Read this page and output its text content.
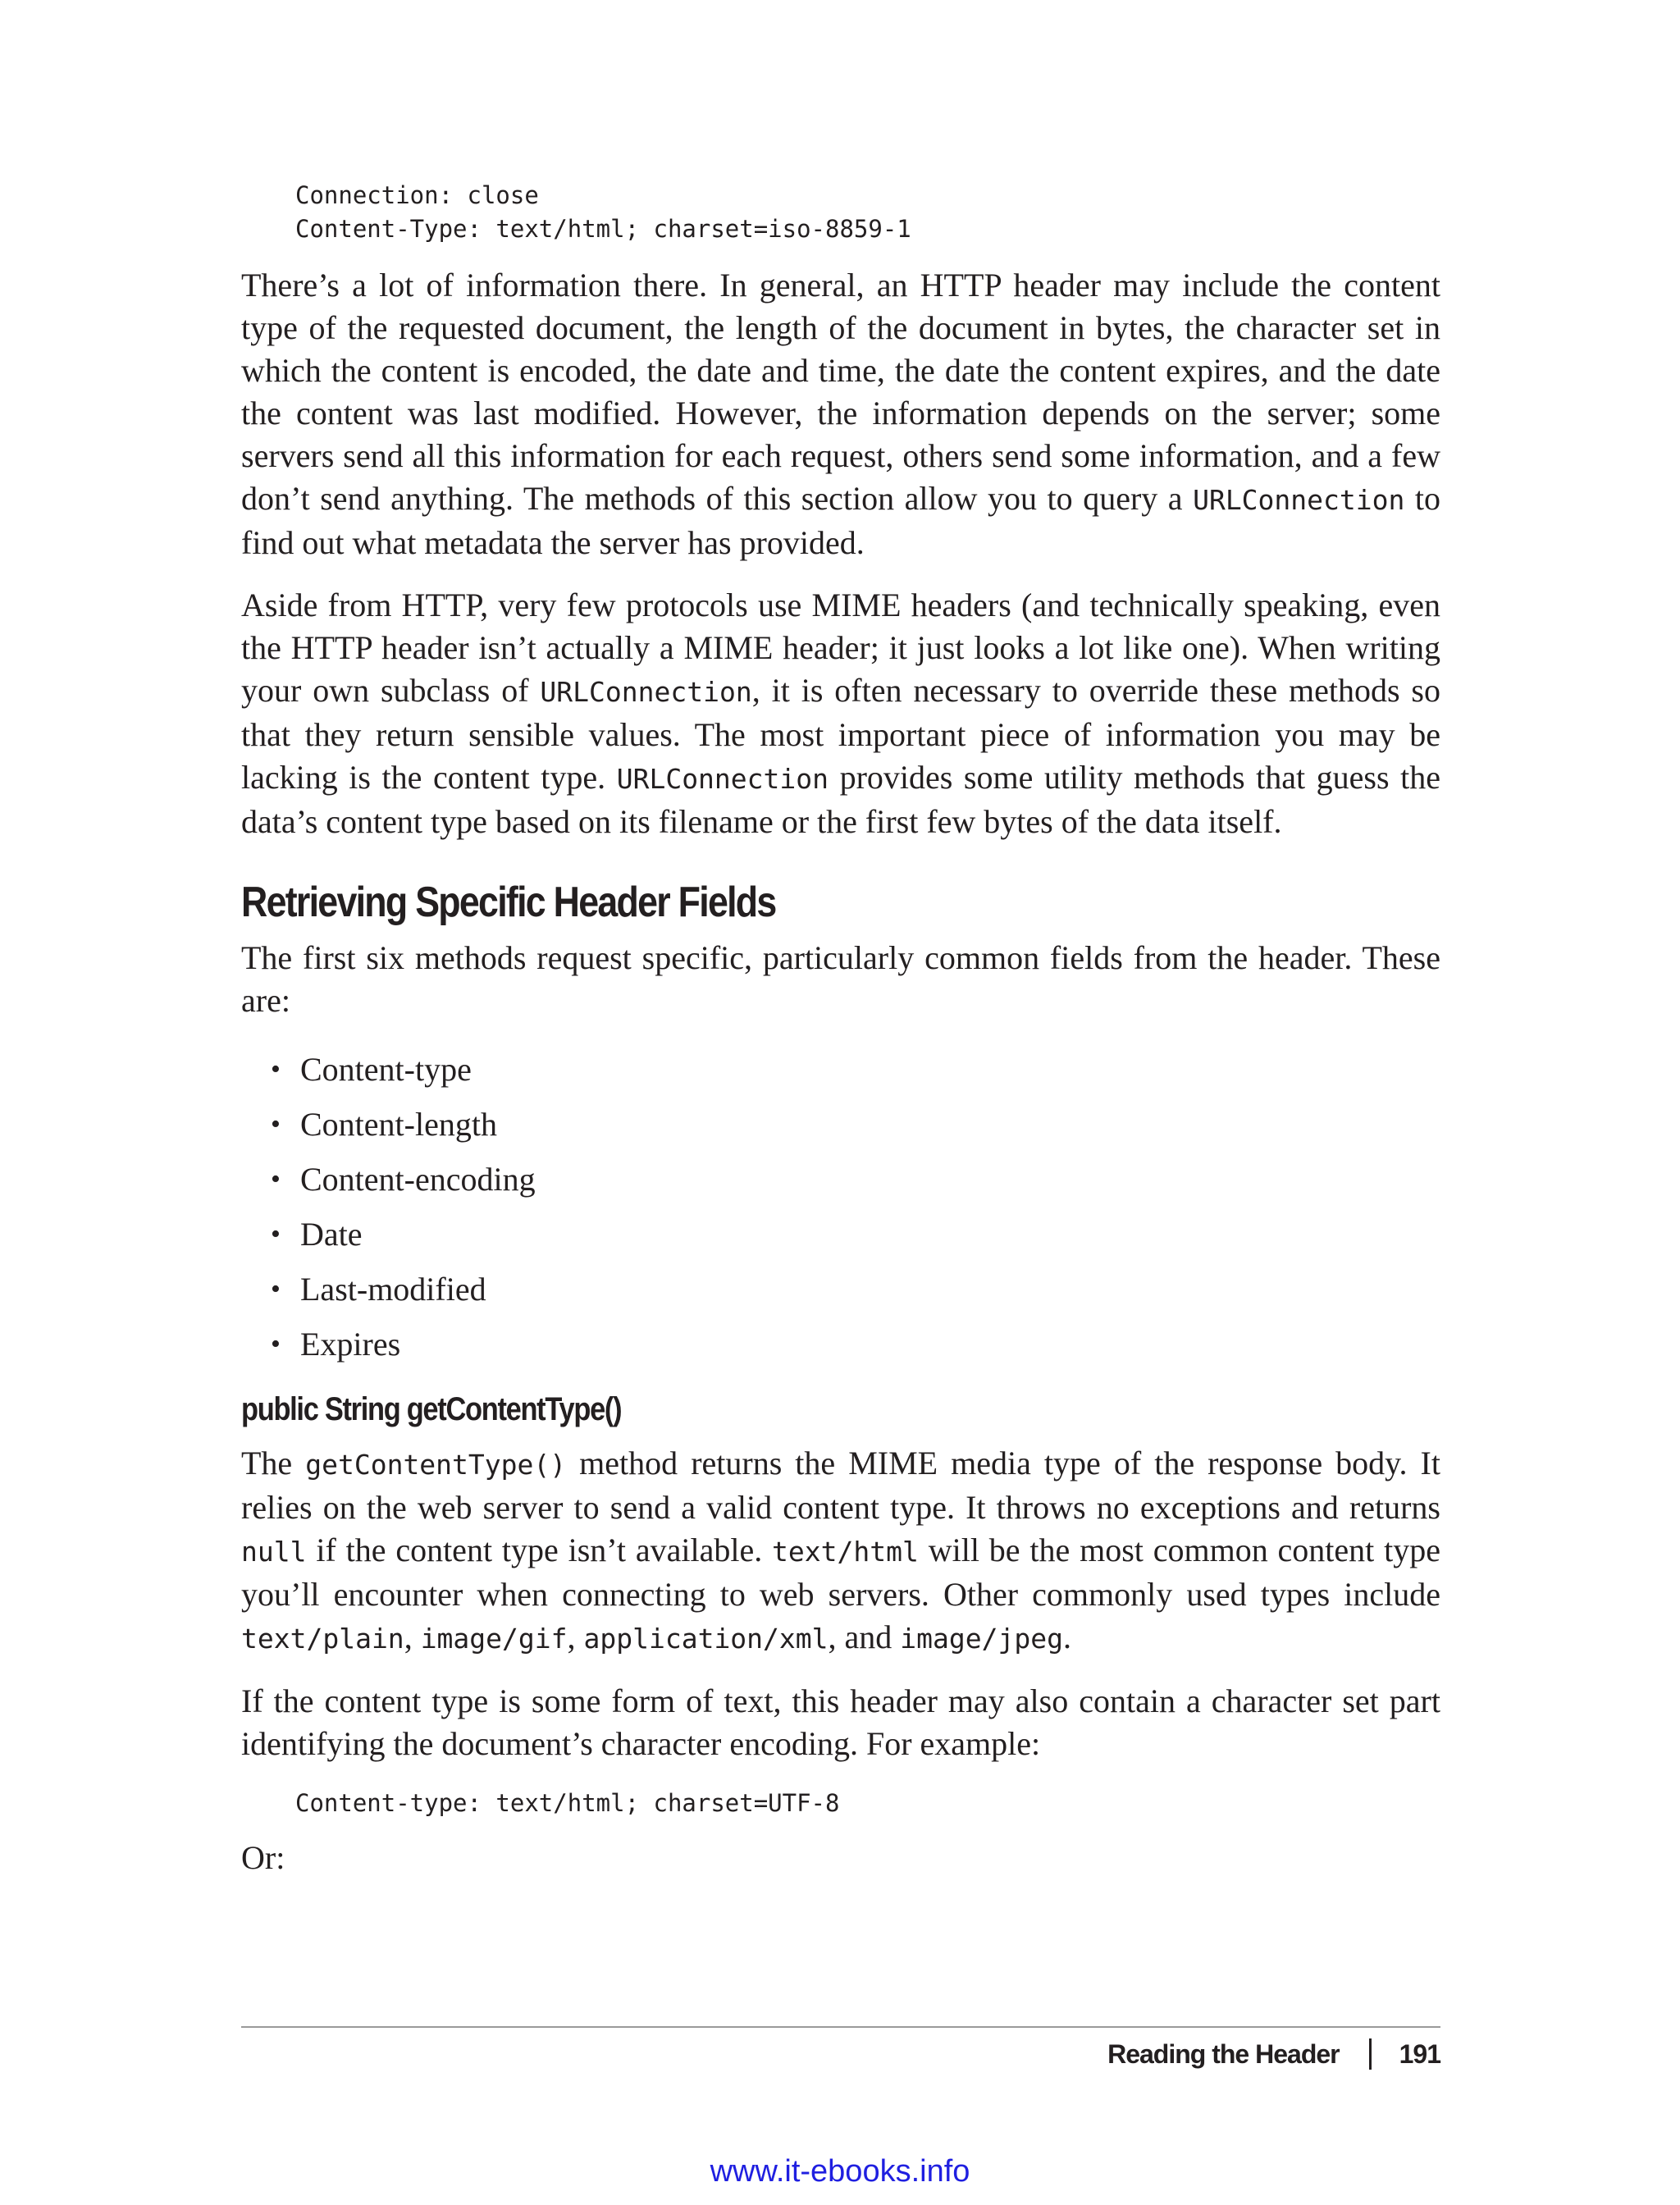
Connection: close
Content-Type: text/html; charset=iso-8859-1

There’s a lot of information there. In general, an HTTP header may include the content type of the requested document, the length of the document in bytes, the character set in which the content is encoded, the date and time, the date the content expires, and the date the content was last modified. However, the information depends on the server; some servers send all this information for each request, others send some information, and a few don’t send anything. The methods of this section allow you to query a URLConnection to find out what metadata the server has provided.

Aside from HTTP, very few protocols use MIME headers (and technically speaking, even the HTTP header isn’t actually a MIME header; it just looks a lot like one). When writing your own subclass of URLConnection, it is often necessary to override these methods so that they return sensible values. The most important piece of information you may be lacking is the content type. URLConnection provides some utility methods that guess the data’s content type based on its filename or the first few bytes of the data itself.

Retrieving Specific Header Fields

The first six methods request specific, particularly common fields from the header. These are:

• Content-type
• Content-length
• Content-encoding
• Date
• Last-modified
• Expires
public String getContentType()

The getContentType() method returns the MIME media type of the response body. It relies on the web server to send a valid content type. It throws no exceptions and returns null if the content type isn’t available. text/html will be the most common content type you’ll encounter when connecting to web servers. Other commonly used types include text/plain, image/gif, application/xml, and image/jpeg.

If the content type is some form of text, this header may also contain a character set part identifying the document’s character encoding. For example:

Content-type: text/html; charset=UTF-8

Or:

Reading the Header 191
www.it-ebooks.info
